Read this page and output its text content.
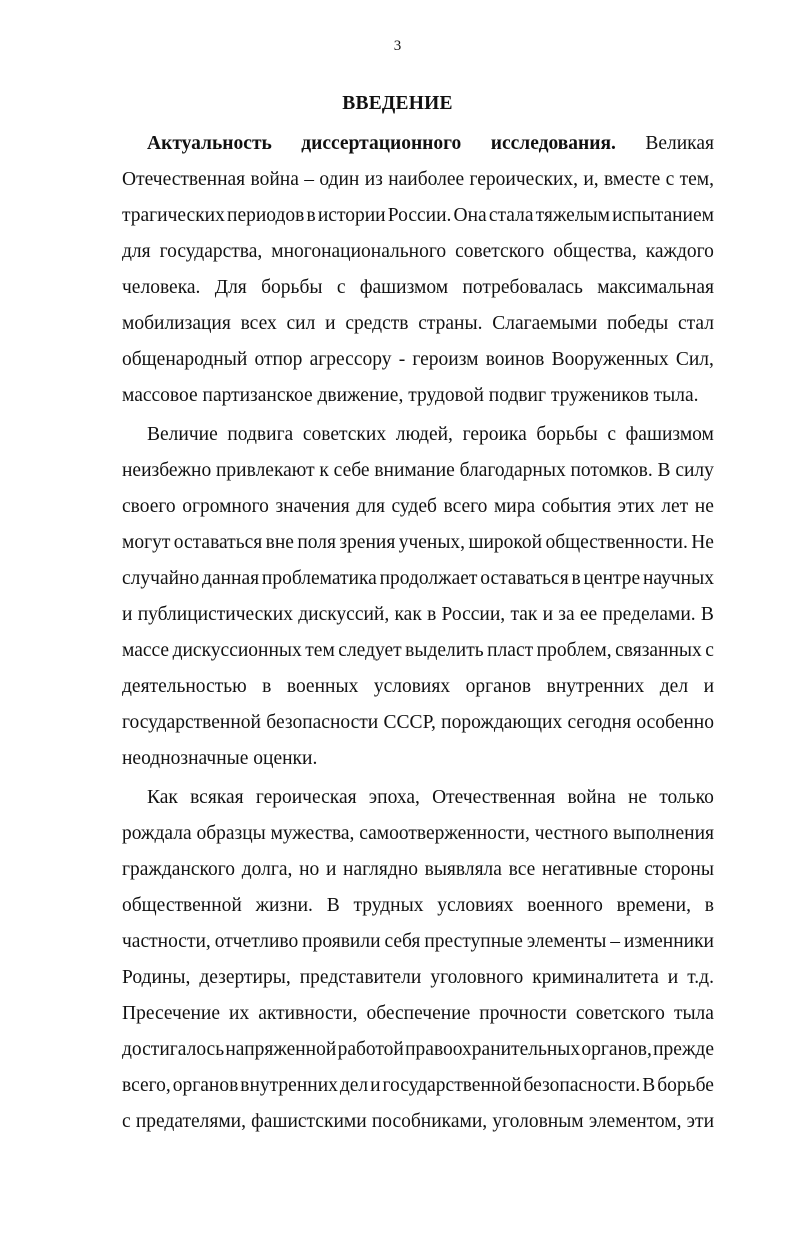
3
ВВЕДЕНИЕ
Актуальность диссертационного исследования. Великая
Отечественная война – один из наиболее героических, и, вместе с тем,
трагических периодов в истории России. Она стала тяжелым испытанием
для государства, многонационального советского общества, каждого
человека. Для борьбы с фашизмом потребовалась максимальная
мобилизация всех сил и средств страны. Слагаемыми победы стал
общенародный отпор агрессору - героизм воинов Вооруженных Сил,
массовое партизанское движение, трудовой подвиг тружеников тыла.
Величие подвига советских людей, героика борьбы с фашизмом
неизбежно привлекают к себе внимание благодарных потомков. В силу
своего огромного значения для судеб всего мира события этих лет не
могут оставаться вне поля зрения ученых, широкой общественности. Не
случайно данная проблематика продолжает оставаться в центре научных
и публицистических дискуссий, как в России, так и за ее пределами. В
массе дискуссионных тем следует выделить пласт проблем, связанных с
деятельностью в военных условиях органов внутренних дел и
государственной безопасности СССР, порождающих сегодня особенно
неоднозначные оценки.
Как всякая героическая эпоха, Отечественная война не только
рождала образцы мужества, самоотверженности, честного выполнения
гражданского долга, но и наглядно выявляла все негативные стороны
общественной жизни. В трудных условиях военного времени, в
частности, отчетливо проявили себя преступные элементы – изменники
Родины, дезертиры, представители уголовного криминалитета и т.д.
Пресечение их активности, обеспечение прочности советского тыла
достигалось напряженной работой правоохранительных органов, прежде
всего, органов внутренних дел и государственной безопасности. В борьбе
с предателями, фашистскими пособниками, уголовным элементом, эти
